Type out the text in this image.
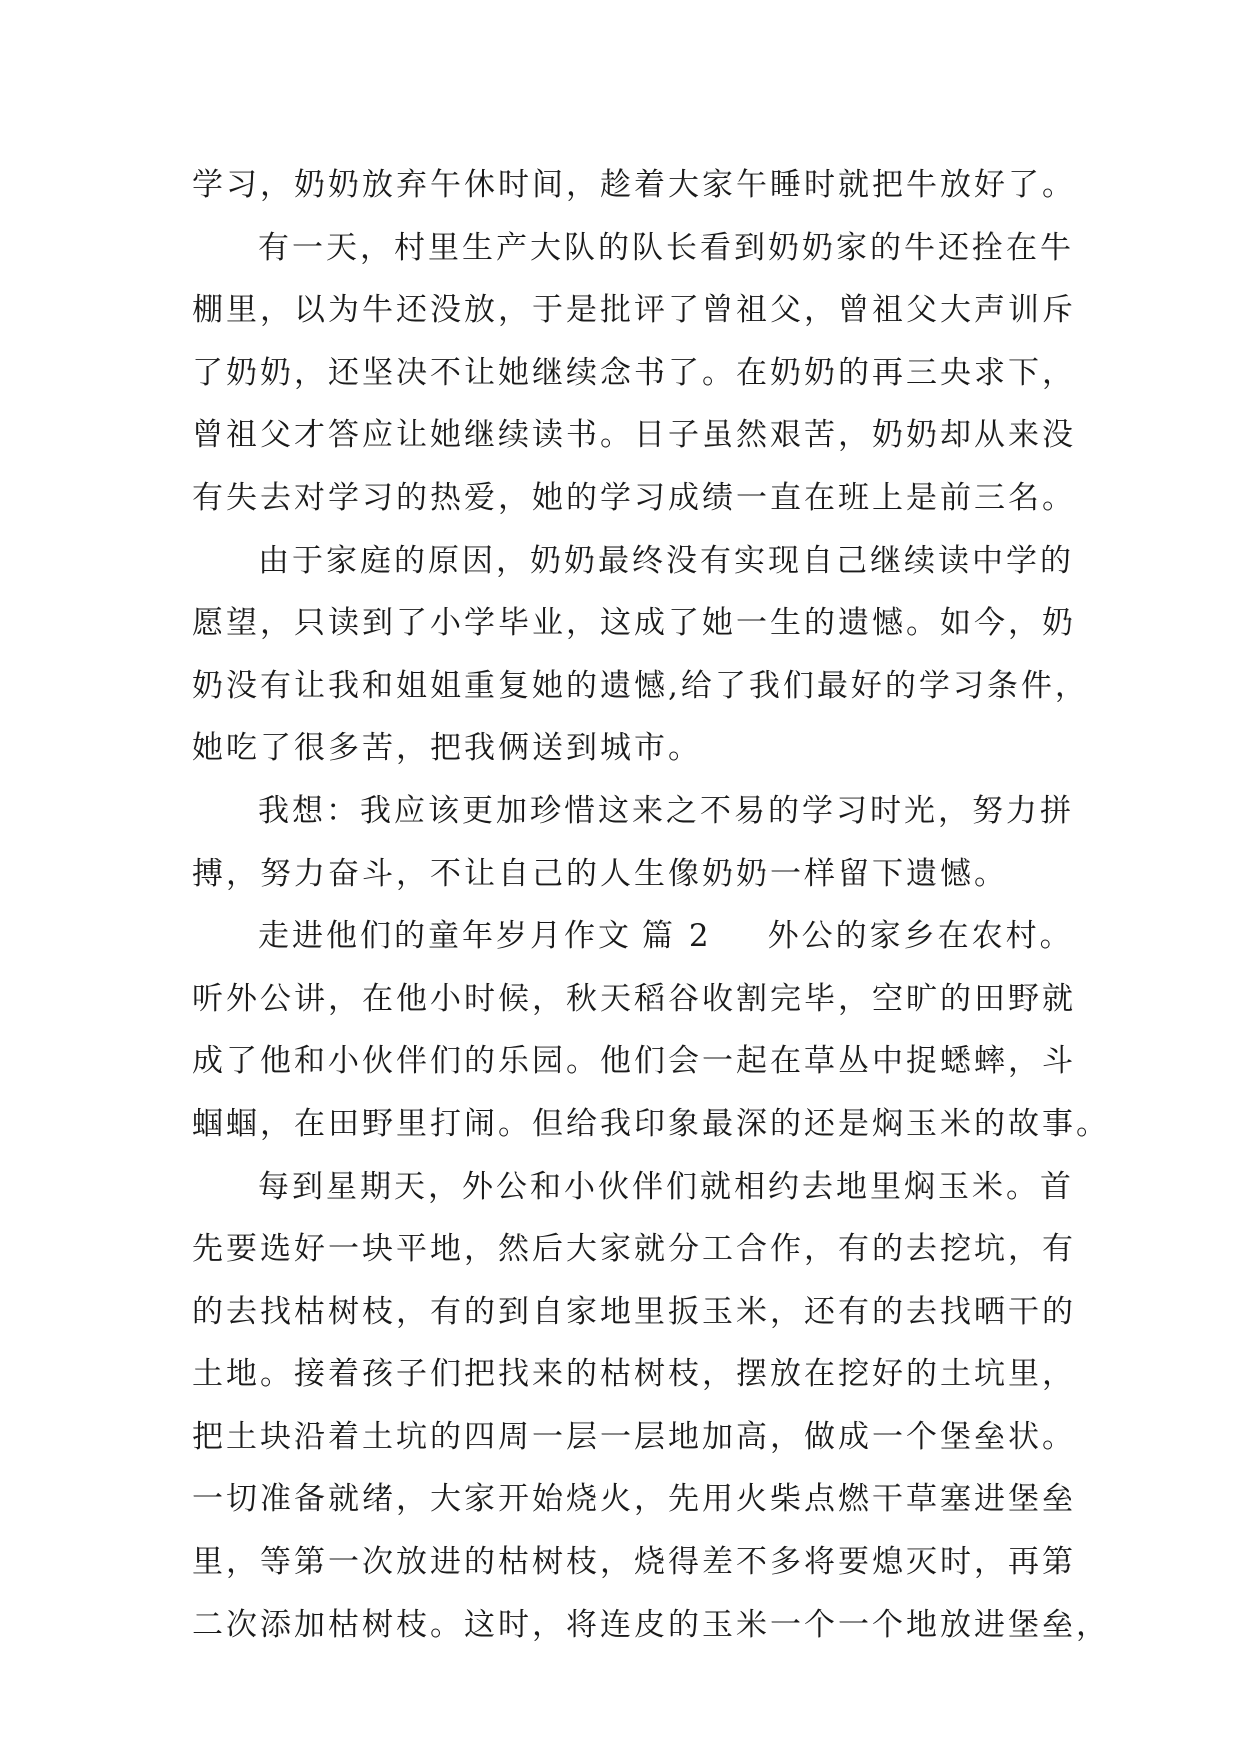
学习，奶奶放弃午休时间，趁着大家午睡时就把牛放好了。
有一天，村里生产大队的队长看到奶奶家的牛还拴在牛
棚里，以为牛还没放，于是批评了曾祖父，曾祖父大声训斥
了奶奶，还坚决不让她继续念书了。在奶奶的再三央求下，
曾祖父才答应让她继续读书。日子虽然艰苦，奶奶却从来没
有失去对学习的热爱，她的学习成绩一直在班上是前三名。
由于家庭的原因，奶奶最终没有实现自己继续读中学的
愿望，只读到了小学毕业，这成了她一生的遗憾。如今，奶
奶没有让我和姐姐重复她的遗憾,给了我们最好的学习条件，
她吃了很多苦，把我俩送到城市。
我想：我应该更加珍惜这来之不易的学习时光，努力拼
搏，努力奋斗，不让自己的人生像奶奶一样留下遗憾。
走进他们的童年岁月作文 篇 2 外公的家乡在农村。
听外公讲，在他小时候，秋天稻谷收割完毕，空旷的田野就
成了他和小伙伴们的乐园。他们会一起在草丛中捉蟋蟀，斗
蝈蝈，在田野里打闹。但给我印象最深的还是焖玉米的故事。
每到星期天，外公和小伙伴们就相约去地里焖玉米。首
先要选好一块平地，然后大家就分工合作，有的去挖坑，有
的去找枯树枝，有的到自家地里扳玉米，还有的去找晒干的
土地。接着孩子们把找来的枯树枝，摆放在挖好的土坑里，
把土块沿着土坑的四周一层一层地加高，做成一个堡垒状。
一切准备就绪，大家开始烧火，先用火柴点燃干草塞进堡垒
里，等第一次放进的枯树枝，烧得差不多将要熄灭时，再第
二次添加枯树枝。这时，将连皮的玉米一个一个地放进堡垒，
